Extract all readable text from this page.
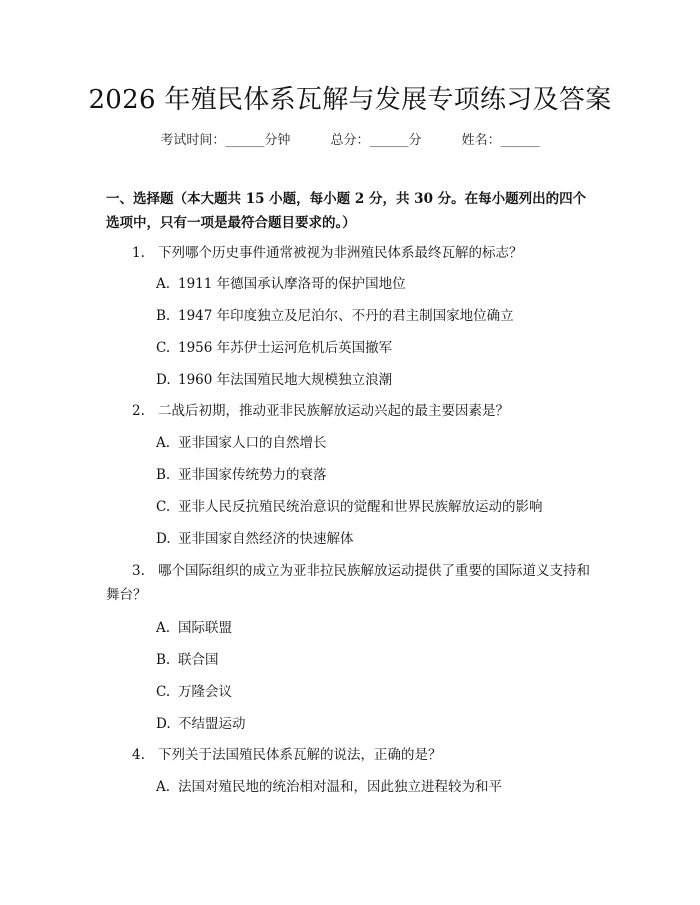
2026 年殖民体系瓦解与发展专项练习及答案
考试时间：______分钟	总分：______分	姓名：______

一、选择题（本大题共 15 小题，每小题 2 分，共 30 分。在每小题列出的四个选项中，只有一项是最符合题目要求的。）

1. 下列哪个历史事件通常被视为非洲殖民体系最终瓦解的标志？
A. 1911 年德国承认摩洛哥的保护国地位
B. 1947 年印度独立及尼泊尔、不丹的君主制国家地位确立
C. 1956 年苏伊士运河危机后英国撤军
D. 1960 年法国殖民地大规模独立浪潮
2. 二战后初期，推动亚非民族解放运动兴起的最主要因素是？
A. 亚非国家人口的自然增长
B. 亚非国家传统势力的衰落
C. 亚非人民反抗殖民统治意识的觉醒和世界民族解放运动的影响
D. 亚非国家自然经济的快速解体
3. 哪个国际组织的成立为亚非拉民族解放运动提供了重要的国际道义支持和
舞台？
A. 国际联盟
B. 联合国
C. 万隆会议
D. 不结盟运动
4. 下列关于法国殖民体系瓦解的说法，正确的是？
A. 法国对殖民地的统治相对温和，因此独立进程较为和平
